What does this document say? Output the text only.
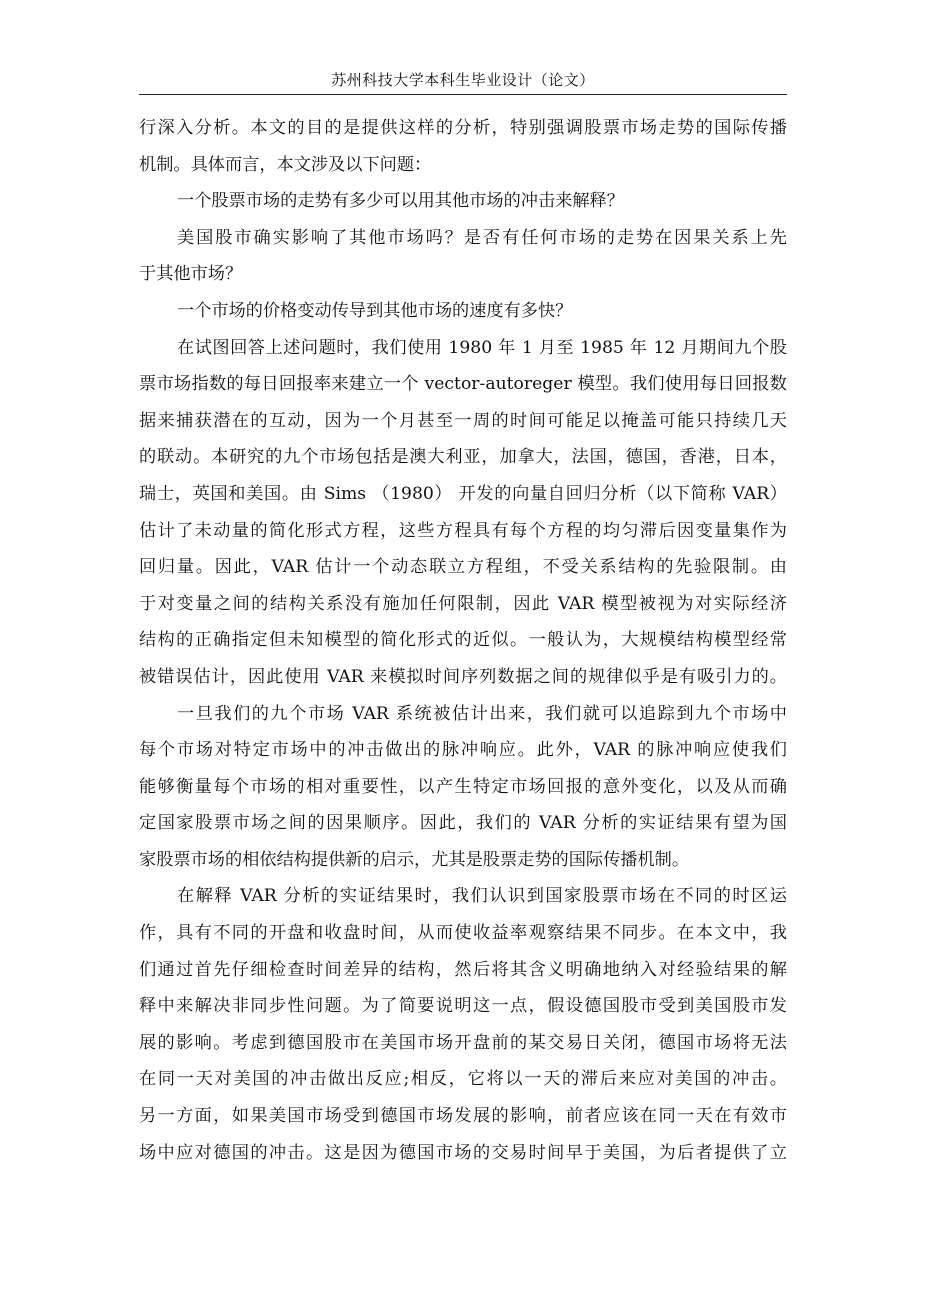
苏州科技大学本科生毕业设计（论文）
行深入分析。本文的目的是提供这样的分析，特别强调股票市场走势的国际传播
机制。具体而言，本文涉及以下问题：
一个股票市场的走势有多少可以用其他市场的冲击来解释？
美国股市确实影响了其他市场吗？是否有任何市场的走势在因果关系上先
于其他市场？
一个市场的价格变动传导到其他市场的速度有多快？
在试图回答上述问题时，我们使用 1980 年 1 月至 1985 年 12 月期间九个股
票市场指数的每日回报率来建立一个 vector-autoreger 模型。我们使用每日回报数
据来捕获潜在的互动，因为一个月甚至一周的时间可能足以掩盖可能只持续几天
的联动。本研究的九个市场包括是澳大利亚，加拿大，法国，德国，香港，日本，
瑞士，英国和美国。由 Sims （1980） 开发的向量自回归分析（以下简称 VAR）
估计了未动量的简化形式方程，这些方程具有每个方程的均匀滞后因变量集作为
回归量。因此，VAR 估计一个动态联立方程组，不受关系结构的先验限制。由
于对变量之间的结构关系没有施加任何限制，因此 VAR 模型被视为对实际经济
结构的正确指定但未知模型的简化形式的近似。一般认为，大规模结构模型经常
被错误估计，因此使用 VAR 来模拟时间序列数据之间的规律似乎是有吸引力的。
一旦我们的九个市场 VAR 系统被估计出来，我们就可以追踪到九个市场中
每个市场对特定市场中的冲击做出的脉冲响应。此外，VAR 的脉冲响应使我们
能够衡量每个市场的相对重要性，以产生特定市场回报的意外变化，以及从而确
定国家股票市场之间的因果顺序。因此，我们的 VAR 分析的实证结果有望为国
家股票市场的相依结构提供新的启示，尤其是股票走势的国际传播机制。
在解释 VAR 分析的实证结果时，我们认识到国家股票市场在不同的时区运
作，具有不同的开盘和收盘时间，从而使收益率观察结果不同步。在本文中，我
们通过首先仔细检查时间差异的结构，然后将其含义明确地纳入对经验结果的解
释中来解决非同步性问题。为了简要说明这一点，假设德国股市受到美国股市发
展的影响。考虑到德国股市在美国市场开盘前的某交易日关闭，德国市场将无法
在同一天对美国的冲击做出反应;相反，它将以一天的滞后来应对美国的冲击。
另一方面，如果美国市场受到德国市场发展的影响，前者应该在同一天在有效市
场中应对德国的冲击。这是因为德国市场的交易时间早于美国，为后者提供了立
